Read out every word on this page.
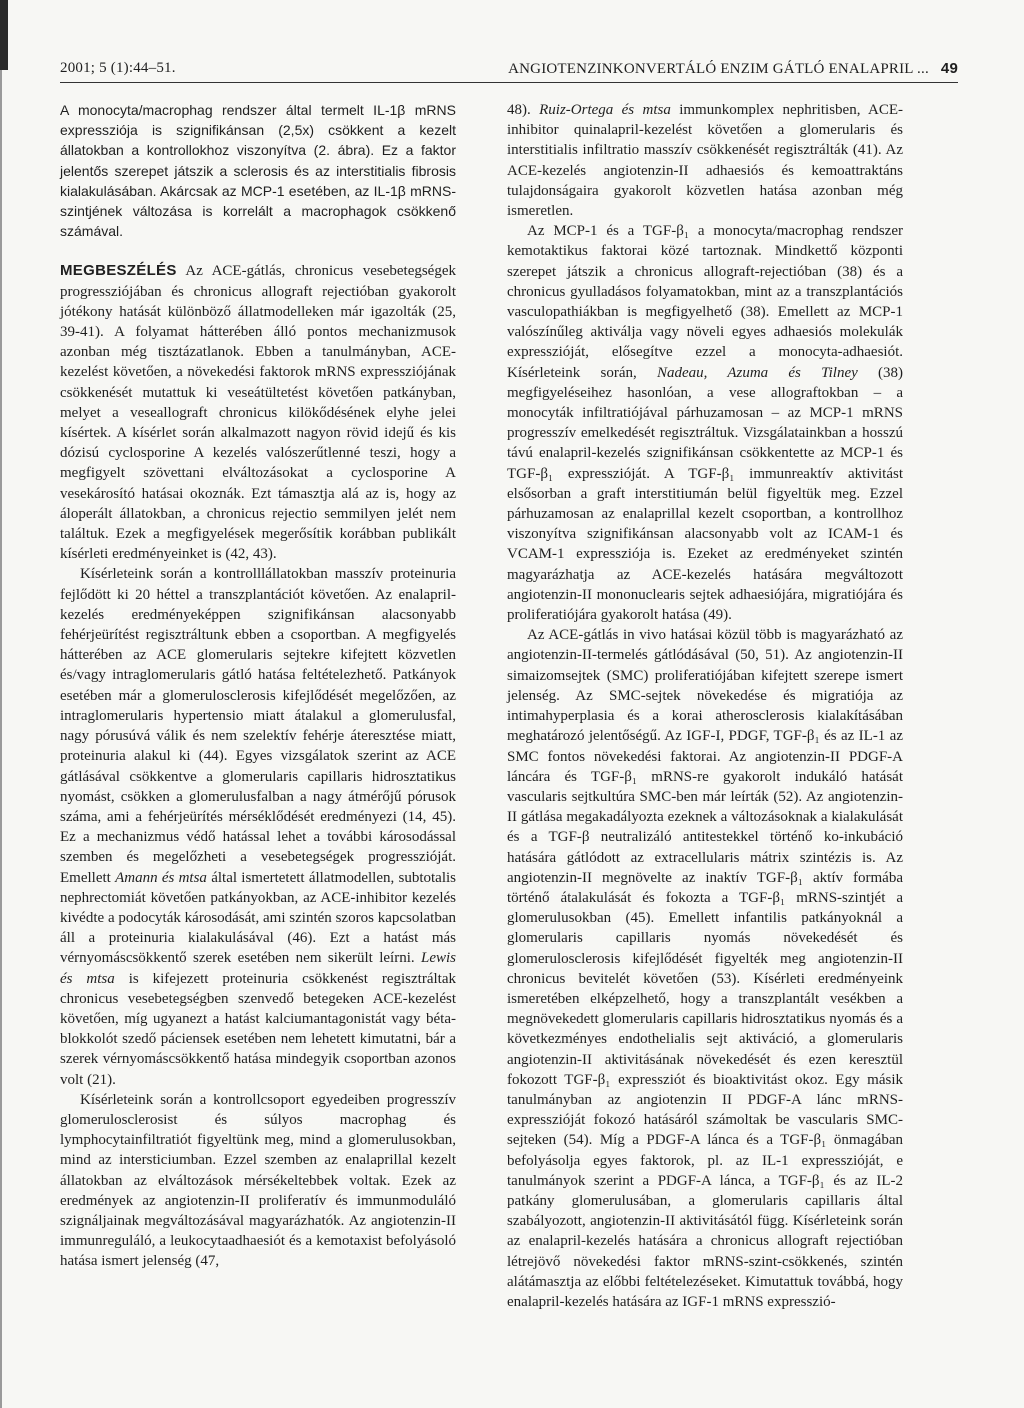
2001; 5 (1):44–51.	ANGIOTENZINKONVERTÁLÓ ENZIM GÁTLÓ ENALAPRIL ... 49

A monocyta/macrophag rendszer által termelt IL-1β mRNS expressziója is szignifikánsan (2,5x) csökkent a kezelt állatokban a kontrollokhoz viszonyítva (2. ábra). Ez a faktor jelentős szerepet játszik a sclerosis és az interstitialis fibrosis kialakulásában. Akárcsak az MCP-1 esetében, az IL-1β mRNS-szintjének változása is korrelált a macrophagok csökkenő számával.

MEGBESZÉLÉS Az ACE-gátlás, chronicus vesebetegségek progressziójában és chronicus allograft rejectióban gyakorolt jótékony hatását különböző állatmodelleken már igazolták (25, 39-41). A folyamat hátterében álló pontos mechanizmusok azonban még tisztázatlanok. Ebben a tanulmányban, ACE-kezelést követően, a növekedési faktorok mRNS expressziójának csökkenését mutattuk ki veseátültetést követően patkányban, melyet a veseallograft chronicus kilökődésének elyhe jelei kísértek. A kísérlet során alkalmazott nagyon rövid idejű és kis dózisú cyclosporine A kezelés valószerűtlenné teszi, hogy a megfigyelt szövettani elváltozásokat a cyclosporine A vesekárosító hatásai okoznák. Ezt támasztja alá az is, hogy az áloperált állatokban, a chronicus rejectio semmilyen jelét nem találtuk. Ezek a megfigyelések megerősítik korábban publikált kísérleti eredményeinket is (42, 43).

Kísérleteink során a kontrolllállatokban masszív proteinuria fejlődött ki 20 héttel a transzplantációt követően. Az enalapril-kezelés eredményeképpen szignifikánsan alacsonyabb fehérjeürítést regisztráltunk ebben a csoportban. A megfigyelés hátterében az ACE glomerularis sejtekre kifejtett közvetlen és/vagy intraglomerularis gátló hatása feltételezhető. Patkányok esetében már a glomerulosclerosis kifejlődését megelőzően, az intraglomerularis hypertensio miatt átalakul a glomerulusfal, nagy pórusúvá válik és nem szelektív fehérje áteresztése miatt, proteinuria alakul ki (44). Egyes vizsgálatok szerint az ACE gátlásával csökkentve a glomerularis capillaris hidrosztatikus nyomást, csökken a glomerulusfalban a nagy átmérőjű pórusok száma, ami a fehérjeürítés mérséklődését eredményezi (14, 45). Ez a mechanizmus védő hatással lehet a további károsodással szemben és megelőzheti a vesebetegségek progresszióját. Emellett Amann és mtsa által ismertetett állatmodellen, subtotalis nephrectomiát követően patkányokban, az ACE-inhibitor kezelés kivédte a podocyták károsodását, ami szintén szoros kapcsolatban áll a proteinuria kialakulásával (46). Ezt a hatást más vérnyomáscsökkentő szerek esetében nem sikerült leírni. Lewis és mtsa is kifejezett proteinuria csökkenést regisztráltak chronicus vesebetegségben szenvedő betegeken ACE-kezelést követően, míg ugyanezt a hatást kalciumantagonistát vagy béta-blokkolót szedő páciensek esetében nem lehetett kimutatni, bár a szerek vérnyomáscsökkentő hatása mindegyik csoportban azonos volt (21).

Kísérleteink során a kontrollcsoport egyedeiben progresszív glomerulosclerosist és súlyos macrophag és lymphocytainfiltratiót figyeltünk meg, mind a glomerulusokban, mind az intersticiumban. Ezzel szemben az enalaprillal kezelt állatokban az elváltozások mérsékeltebbek voltak. Ezek az eredmények az angiotenzin-II proliferatív és immunmoduláló szignáljainak megváltozásával magyarázhatók. Az angiotenzin-II immunreguláló, a leukocytaadhaesiót és a kemotaxist befolyásoló hatása ismert jelenség (47,

48). Ruiz-Ortega és mtsa immunkomplex nephritisben, ACE-inhibitor quinalapril-kezelést követően a glomerularis és interstitialis infiltratio masszív csökkenését regisztrálták (41). Az ACE-kezelés angiotenzin-II adhaesiós és kemoattraktáns tulajdonságaira gyakorolt közvetlen hatása azonban még ismeretlen.

Az MCP-1 és a TGF-β₁ a monocyta/macrophag rendszer kemotaktikus faktorai közé tartoznak. Mindkettő központi szerepet játszik a chronicus allograft-rejectióban (38) és a chronicus gyulladásos folyamatokban, mint az a transzplantációs vasculopathiákban is megfigyelhető (38). Emellett az MCP-1 valószínűleg aktiválja vagy növeli egyes adhaesiós molekulák expresszióját, elősegítve ezzel a monocyta-adhaesiót. Kísérleteink során, Nadeau, Azuma és Tilney (38) megfigyeléseihez hasonlóan, a vese allograftokban – a monocyták infiltratiójával párhuzamosan – az MCP-1 mRNS progresszív emelkedését regisztráltuk. Vizsgálatainkban a hosszú távú enalapril-kezelés szignifikánsan csökkentette az MCP-1 és TGF-β₁ expresszióját. A TGF-β₁ immunreaktív aktivitást elsősorban a graft interstitiumán belül figyeltük meg. Ezzel párhuzamosan az enalaprillal kezelt csoportban, a kontrollhoz viszonyítva szignifikánsan alacsonyabb volt az ICAM-1 és VCAM-1 expressziója is. Ezeket az eredményeket szintén magyarázhatja az ACE-kezelés hatására megváltozott angiotenzin-II mononuclearis sejtek adhaesiójára, migratiójára és proliferatiójára gyakorolt hatása (49).

Az ACE-gátlás in vivo hatásai közül több is magyarázható az angiotenzin-II-termelés gátlódásával (50, 51). Az angiotenzin-II simaizomsejtek (SMC) proliferatiójában kifejtett szerepe ismert jelenség. Az SMC-sejtek növekedése és migratiója az intimahyperplasia és a korai atherosclerosis kialakításában meghatározó jelentőségű. Az IGF-I, PDGF, TGF-β₁ és az IL-1 az SMC fontos növekedési faktorai. Az angiotenzin-II PDGF-A láncára és TGF-β₁ mRNS-re gyakorolt indukáló hatását vascularis sejtkultúra SMC-ben már leírták (52). Az angiotenzin-II gátlása megakadályozta ezeknek a változásoknak a kialakulását és a TGF-β neutralizáló antitestekkel történő ko-inkubáció hatására gátlódott az extracellularis mátrix szintézis is. Az angiotenzin-II megnövelte az inaktív TGF-β₁ aktív formába történő átalakulását és fokozta a TGF-β₁ mRNS-szintjét a glomerulusokban (45). Emellett infantilis patkányoknál a glomerularis capillaris nyomás növekedését és glomerulosclerosis kifejlődését figyelték meg angiotenzin-II chronicus bevitelét követően (53). Kísérleti eredményeink ismeretében elképzelhető, hogy a transzplantált vesékben a megnövekedett glomerularis capillaris hidrosztatikus nyomás és a következményes endothelialis sejt aktiváció, a glomerularis angiotenzin-II aktivitásának növekedését és ezen keresztül fokozott TGF-β₁ expressziót és bioaktivitást okoz. Egy másik tanulmányban az angiotenzin II PDGF-A lánc mRNS-expresszióját fokozó hatásáról számoltak be vascularis SMC-sejteken (54). Míg a PDGF-A lánca és a TGF-β₁ önmagában befolyásolja egyes faktorok, pl. az IL-1 expresszióját, e tanulmányok szerint a PDGF-A lánca, a TGF-β₁ és az IL-2 patkány glomerulusában, a glomerularis capillaris által szabályozott, angiotenzin-II aktivitásától függ. Kísérleteink során az enalapril-kezelés hatására a chronicus allograft rejectióban létrejövő növekedési faktor mRNS-szint-csökkenés, szintén alátámasztja az előbbi feltételezéseket. Kimutattuk továbbá, hogy enalapril-kezelés hatására az IGF-1 mRNS expresszió-
